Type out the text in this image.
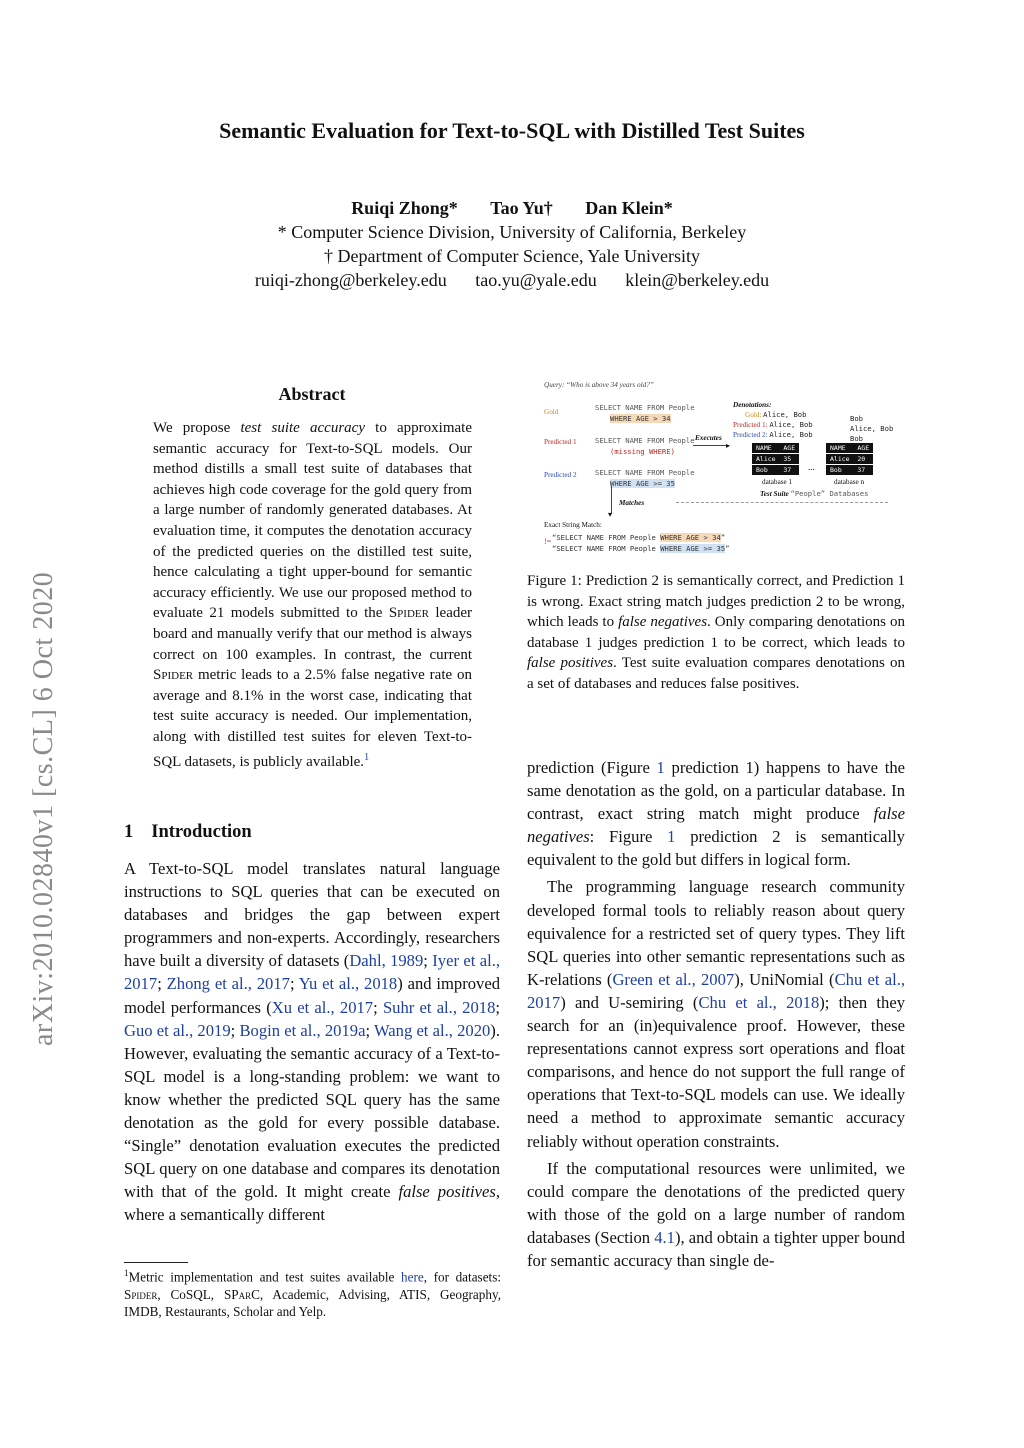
Semantic Evaluation for Text-to-SQL with Distilled Test Suites
Ruiqi Zhong* Tao Yu† Dan Klein*
* Computer Science Division, University of California, Berkeley
† Department of Computer Science, Yale University
ruiqi-zhong@berkeley.edu tao.yu@yale.edu klein@berkeley.edu
arXiv:2010.02840v1 [cs.CL] 6 Oct 2020
Abstract
We propose test suite accuracy to approximate semantic accuracy for Text-to-SQL models. Our method distills a small test suite of databases that achieves high code coverage for the gold query from a large number of randomly generated databases. At evaluation time, it computes the denotation accuracy of the predicted queries on the distilled test suite, hence calculating a tight upper-bound for semantic accuracy efficiently. We use our proposed method to evaluate 21 models submitted to the Spider leader board and manually verify that our method is always correct on 100 examples. In contrast, the current Spider metric leads to a 2.5% false negative rate on average and 8.1% in the worst case, indicating that test suite accuracy is needed. Our implementation, along with distilled test suites for eleven Text-to-SQL datasets, is publicly available.$^1$
1 Introduction
A Text-to-SQL model translates natural language instructions to SQL queries that can be executed on databases and bridges the gap between expert programmers and non-experts. Accordingly, researchers have built a diversity of datasets (Dahl, 1989; Iyer et al., 2017; Zhong et al., 2017; Yu et al., 2018) and improved model performances (Xu et al., 2017; Suhr et al., 2018; Guo et al., 2019; Bogin et al., 2019a; Wang et al., 2020). However, evaluating the semantic accuracy of a Text-to-SQL model is a long-standing problem: we want to know whether the predicted SQL query has the same denotation as the gold for every possible database. “Single” denotation evaluation executes the predicted SQL query on one database and compares its denotation with that of the gold. It might create false positives, where a semantically different
$^1$Metric implementation and test suites available here, for datasets: Spider, CoSQL, SParC, Academic, Advising, ATIS, Geography, IMDB, Restaurants, Scholar and Yelp.
Query: “Who is above 34 years old?”
Gold
Predicted 1
Predicted 2
SELECT NAME FROM People
WHERE AGE > 34
SELECT NAME FROM People
(missing WHERE)
SELECT NAME FROM People
WHERE AGE >= 35
Executes
▸
▾
Matches
Denotations:
Gold: Alice, Bob
Predicted 1: Alice, Bob
Predicted 2: Alice, Bob
Bob
Alice, Bob
Bob
NAME   AGE
Alice  35
Bob    37
database 1
...
NAME   AGE
Alice  20
Bob    37
database n
Test Suite “People” Databases
Exact String Match:
!= “SELECT NAME FROM People WHERE AGE > 34”
“SELECT NAME FROM People WHERE AGE >= 35”
Figure 1: Prediction 2 is semantically correct, and Prediction 1 is wrong. Exact string match judges prediction 2 to be wrong, which leads to false negatives. Only comparing denotations on database 1 judges prediction 1 to be correct, which leads to false positives. Test suite evaluation compares denotations on a set of databases and reduces false positives.

prediction (Figure 1 prediction 1) happens to have the same denotation as the gold, on a particular database. In contrast, exact string match might produce false negatives: Figure 1 prediction 2 is semantically equivalent to the gold but differs in logical form.

The programming language research community developed formal tools to reliably reason about query equivalence for a restricted set of query types. They lift SQL queries into other semantic representations such as K-relations (Green et al., 2007), UniNomial (Chu et al., 2017) and U-semiring (Chu et al., 2018); then they search for an (in)equivalence proof. However, these representations cannot express sort operations and float comparisons, and hence do not support the full range of operations that Text-to-SQL models can use. We ideally need a method to approximate semantic accuracy reliably without operation constraints.

If the computational resources were unlimited, we could compare the denotations of the predicted query with those of the gold on a large number of random databases (Section 4.1), and obtain a tighter upper bound for semantic accuracy than single de-
